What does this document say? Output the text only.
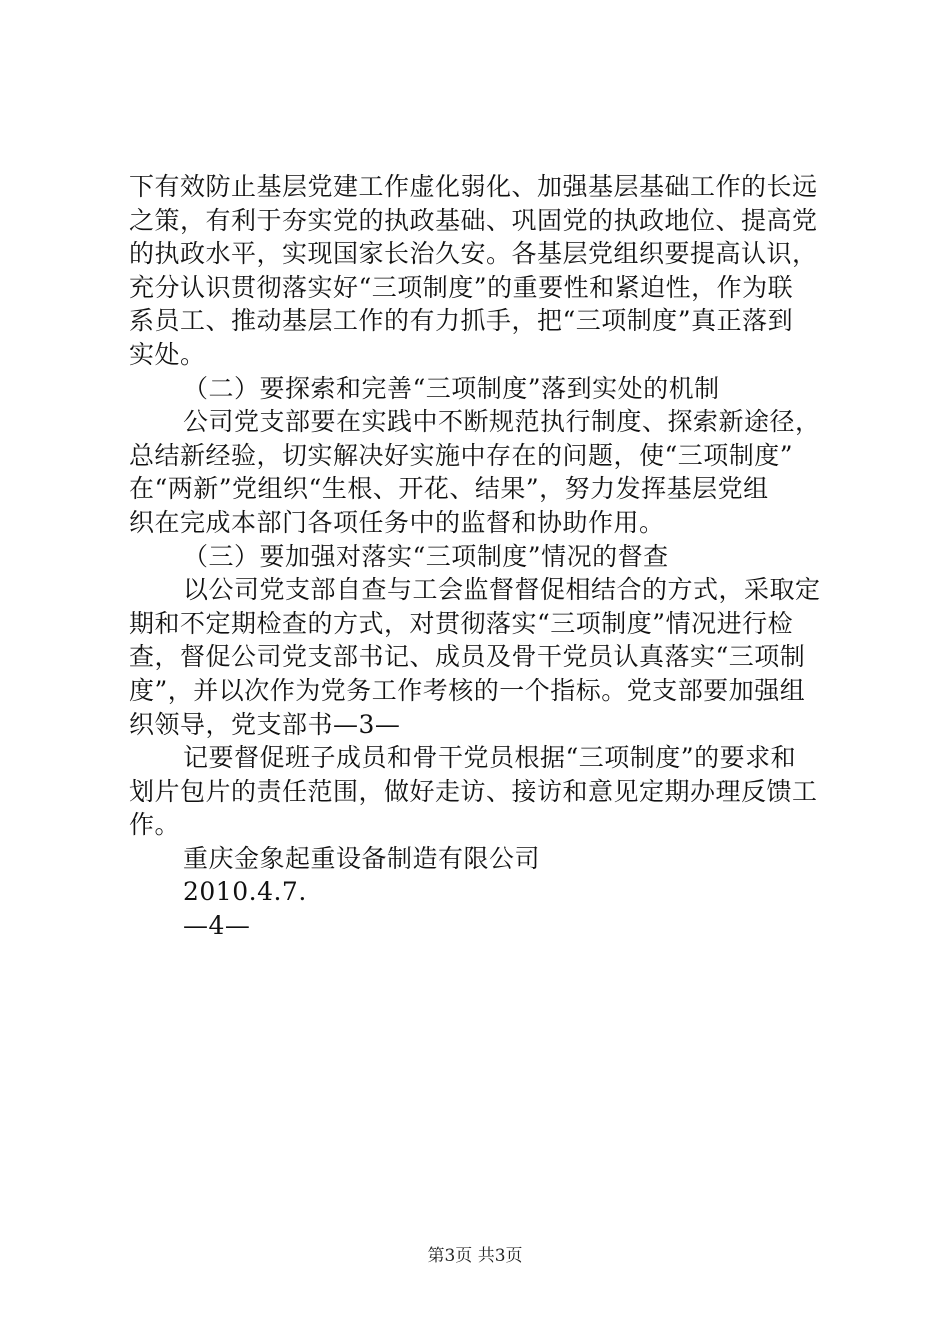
下有效防止基层党建工作虚化弱化、加强基层基础工作的长远
之策，有利于夯实党的执政基础、巩固党的执政地位、提高党
的执政水平，实现国家长治久安。各基层党组织要提高认识，
充分认识贯彻落实好“三项制度”的重要性和紧迫性，作为联
系员工、推动基层工作的有力抓手，把“三项制度”真正落到
实处。
（二）要探索和完善“三项制度”落到实处的机制
公司党支部要在实践中不断规范执行制度、探索新途径，
总结新经验，切实解决好实施中存在的问题，使“三项制度”
在“两新”党组织“生根、开花、结果”，努力发挥基层党组
织在完成本部门各项任务中的监督和协助作用。
（三）要加强对落实“三项制度”情况的督查
以公司党支部自查与工会监督督促相结合的方式，采取定
期和不定期检查的方式，对贯彻落实“三项制度”情况进行检
查，督促公司党支部书记、成员及骨干党员认真落实“三项制
度”，并以次作为党务工作考核的一个指标。党支部要加强组
织领导，党支部书—3—
记要督促班子成员和骨干党员根据“三项制度”的要求和
划片包片的责任范围，做好走访、接访和意见定期办理反馈工
作。
重庆金象起重设备制造有限公司
2010.4.7.
—4—
第3页 共3页
